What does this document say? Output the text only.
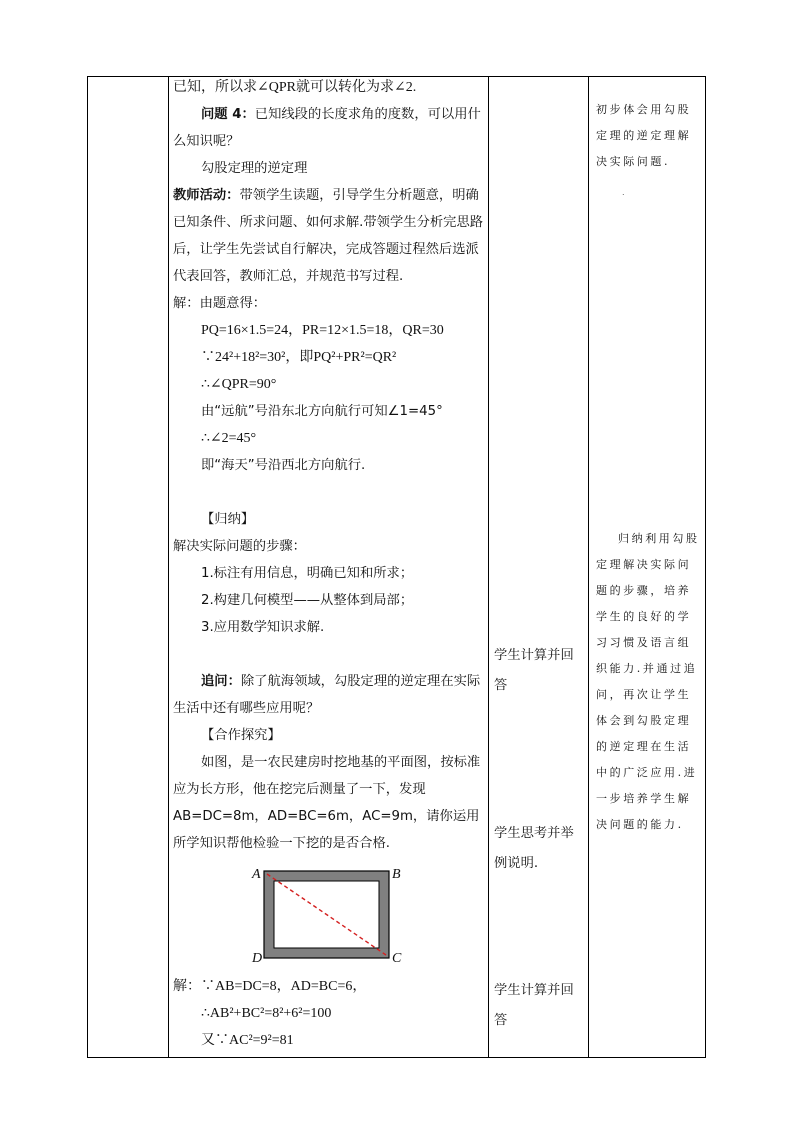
已知，所以求∠QPR就可以转化为求∠2.

问题 4：已知线段的长度求角的度数，可以用什么知识呢？

勾股定理的逆定理

教师活动：带领学生读题，引导学生分析题意，明确已知条件、所求问题、如何求解.带领学生分析完思路后，让学生先尝试自行解决，完成答题过程然后选派代表回答，教师汇总，并规范书写过程.

解：由题意得：

PQ=16×1.5=24，PR=12×1.5=18，QR=30

∵24²+18²=30²，即PQ²+PR²=QR²

∴∠QPR=90°

由“远航”号沿东北方向航行可知∠1=45°

∴∠2=45°

即“海天”号沿西北方向航行.

【归纳】

解决实际问题的步骤：

1.标注有用信息，明确已知和所求；

2.构建几何模型——从整体到局部；

3.应用数学知识求解.

追问：除了航海领域，勾股定理的逆定理在实际生活中还有哪些应用呢？

【合作探究】

如图，是一农民建房时挖地基的平面图，按标准应为长方形，他在挖完后测量了一下，发现AB=DC=8m，AD=BC=6m，AC=9m，请你运用所学知识帮他检验一下挖的是否合格.

A	B
C
D

解：∵AB=DC=8，AD=BC=6，

∴AB²+BC²=8²+6²=100

又∵AC²=9²=81

学生计算并回答
学生思考并举例说明.
学生计算并回答
初步体会用勾股定理的逆定理解决实际问题.
.
归纳利用勾股定理解决实际问题的步骤，培养学生的良好的学习习惯及语言组织能力.并通过追问，再次让学生体会到勾股定理的逆定理在生活中的广泛应用.进一步培养学生解决问题的能力.
